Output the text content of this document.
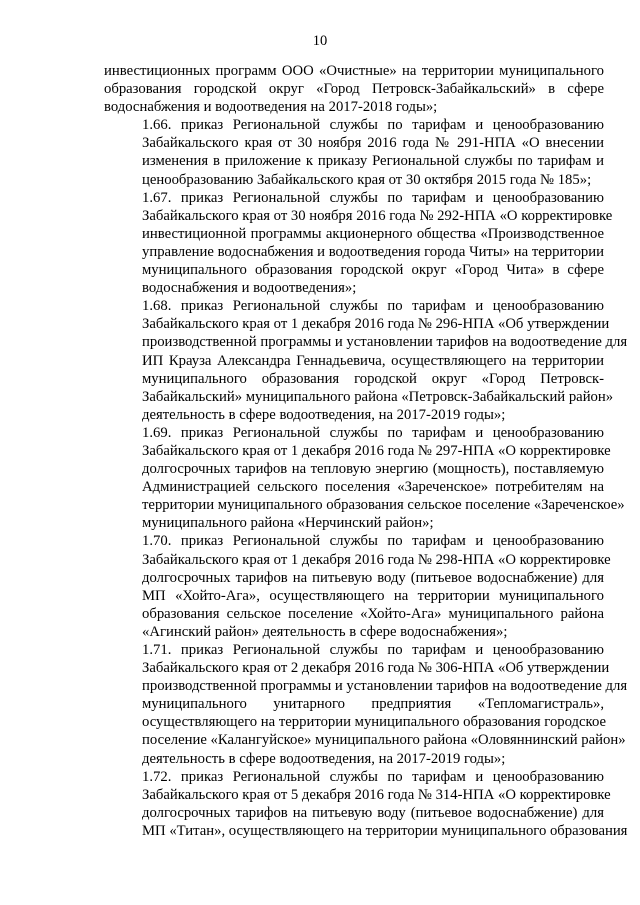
10
инвестиционных программ ООО «Очистные» на территории муниципального
образования городской округ «Город Петровск-Забайкальский» в сфере
водоснабжения и водоотведения на 2017-2018 годы»;
1.66. приказ Региональной службы по тарифам и ценообразованию
Забайкальского края от 30 ноября 2016 года № 291-НПА «О внесении
изменения в приложение к приказу Региональной службы по тарифам и
ценообразованию Забайкальского края от 30 октября 2015 года № 185»;
1.67. приказ Региональной службы по тарифам и ценообразованию
Забайкальского края от 30 ноября 2016 года № 292-НПА «О корректировке
инвестиционной программы акционерного общества «Производственное
управление водоснабжения и водоотведения города Читы» на территории
муниципального образования городской округ «Город Чита» в сфере
водоснабжения и водоотведения»;
1.68. приказ Региональной службы по тарифам и ценообразованию
Забайкальского края от 1 декабря 2016 года № 296-НПА «Об утверждении
производственной программы и установлении тарифов на водоотведение для
ИП Крауза Александра Геннадьевича, осуществляющего на территории
муниципального образования городской округ «Город Петровск-
Забайкальский» муниципального района «Петровск-Забайкальский район»
деятельность в сфере водоотведения, на 2017-2019 годы»;
1.69. приказ Региональной службы по тарифам и ценообразованию
Забайкальского края от 1 декабря 2016 года № 297-НПА «О корректировке
долгосрочных тарифов на тепловую энергию (мощность), поставляемую
Администрацией сельского поселения «Зареченское» потребителям на
территории муниципального образования сельское поселение «Зареченское»
муниципального района «Нерчинский район»;
1.70. приказ Региональной службы по тарифам и ценообразованию
Забайкальского края от 1 декабря 2016 года № 298-НПА «О корректировке
долгосрочных тарифов на питьевую воду (питьевое водоснабжение) для
МП «Хойто-Ага», осуществляющего на территории муниципального
образования сельское поселение «Хойто-Ага» муниципального района
«Агинский район» деятельность в сфере водоснабжения»;
1.71. приказ Региональной службы по тарифам и ценообразованию
Забайкальского края от 2 декабря 2016 года № 306-НПА «Об утверждении
производственной программы и установлении тарифов на водоотведение для
муниципального унитарного предприятия «Тепломагистраль»,
осуществляющего на территории муниципального образования городское
поселение «Калангуйское» муниципального района «Оловяннинский район»
деятельность в сфере водоотведения, на 2017-2019 годы»;
1.72. приказ Региональной службы по тарифам и ценообразованию
Забайкальского края от 5 декабря 2016 года № 314-НПА «О корректировке
долгосрочных тарифов на питьевую воду (питьевое водоснабжение) для
МП «Титан», осуществляющего на территории муниципального образования
